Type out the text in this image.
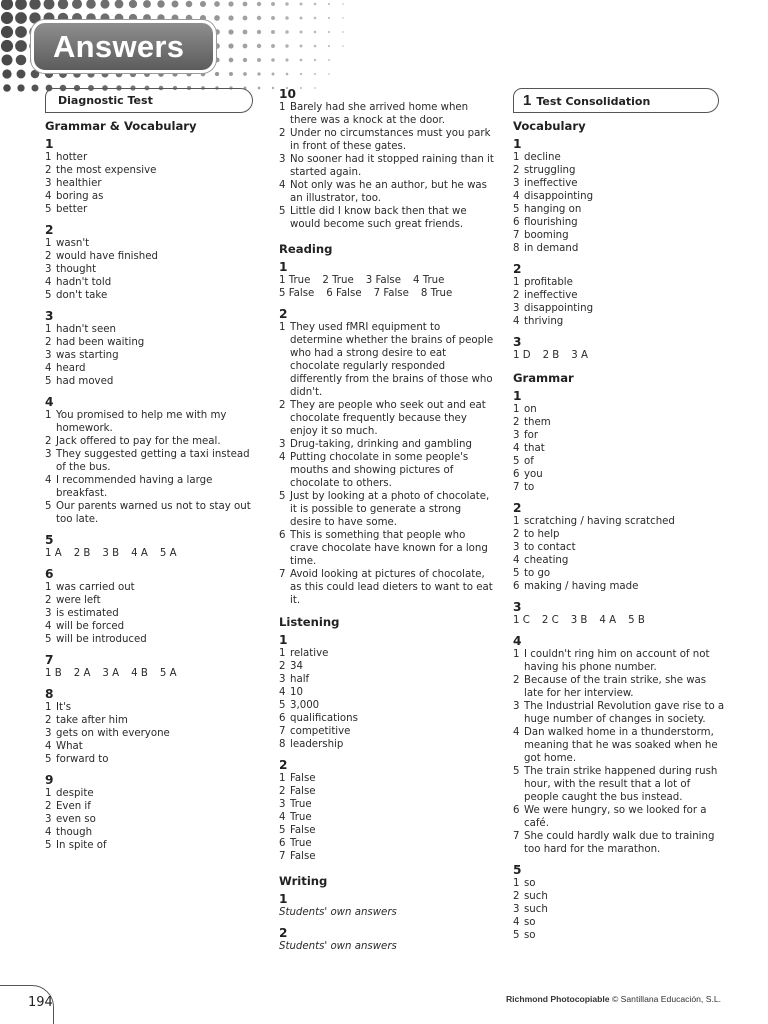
Answers
Diagnostic Test
Grammar & Vocabulary
1
1 hotter
2 the most expensive
3 healthier
4 boring as
5 better
2
1 wasn't
2 would have finished
3 thought
4 hadn't told
5 don't take
3
1 hadn't seen
2 had been waiting
3 was starting
4 heard
5 had moved
4
1 You promised to help me with my homework.
2 Jack offered to pay for the meal.
3 They suggested getting a taxi instead of the bus.
4 I recommended having a large breakfast.
5 Our parents warned us not to stay out too late.
5
1 A 2 B 3 B 4 A 5 A
6
1 was carried out
2 were left
3 is estimated
4 will be forced
5 will be introduced
7
1 B 2 A 3 A 4 B 5 A
8
1 It's
2 take after him
3 gets on with everyone
4 What
5 forward to
9
1 despite
2 Even if
3 even so
4 though
5 In spite of
10
1 Barely had she arrived home when there was a knock at the door.
2 Under no circumstances must you park in front of these gates.
3 No sooner had it stopped raining than it started again.
4 Not only was he an author, but he was an illustrator, too.
5 Little did I know back then that we would become such great friends.
Reading
1
1 True 2 True 3 False 4 True
5 False 6 False 7 False 8 True
2
1 They used fMRI equipment to determine whether the brains of people who had a strong desire to eat chocolate regularly responded differently from the brains of those who didn't.
2 They are people who seek out and eat chocolate frequently because they enjoy it so much.
3 Drug-taking, drinking and gambling
4 Putting chocolate in some people's mouths and showing pictures of chocolate to others.
5 Just by looking at a photo of chocolate, it is possible to generate a strong desire to have some.
6 This is something that people who crave chocolate have known for a long time.
7 Avoid looking at pictures of chocolate, as this could lead dieters to want to eat it.
Listening
1
1 relative
2 34
3 half
4 10
5 3,000
6 qualifications
7 competitive
8 leadership
2
1 False
2 False
3 True
4 True
5 False
6 True
7 False
Writing
1
Students' own answers
2
Students' own answers
1 Test Consolidation
Vocabulary
1
1 decline
2 struggling
3 ineffective
4 disappointing
5 hanging on
6 flourishing
7 booming
8 in demand
2
1 profitable
2 ineffective
3 disappointing
4 thriving
3
1 D 2 B 3 A
Grammar
1
1 on
2 them
3 for
4 that
5 of
6 you
7 to
2
1 scratching / having scratched
2 to help
3 to contact
4 cheating
5 to go
6 making / having made
3
1 C 2 C 3 B 4 A 5 B
4
1 I couldn't ring him on account of not having his phone number.
2 Because of the train strike, she was late for her interview.
3 The Industrial Revolution gave rise to a huge number of changes in society.
4 Dan walked home in a thunderstorm, meaning that he was soaked when he got home.
5 The train strike happened during rush hour, with the result that a lot of people caught the bus instead.
6 We were hungry, so we looked for a café.
7 She could hardly walk due to training too hard for the marathon.
5
1 so
2 such
3 such
4 so
5 so
194	Richmond Photocopiable © Santillana Educación, S.L.
